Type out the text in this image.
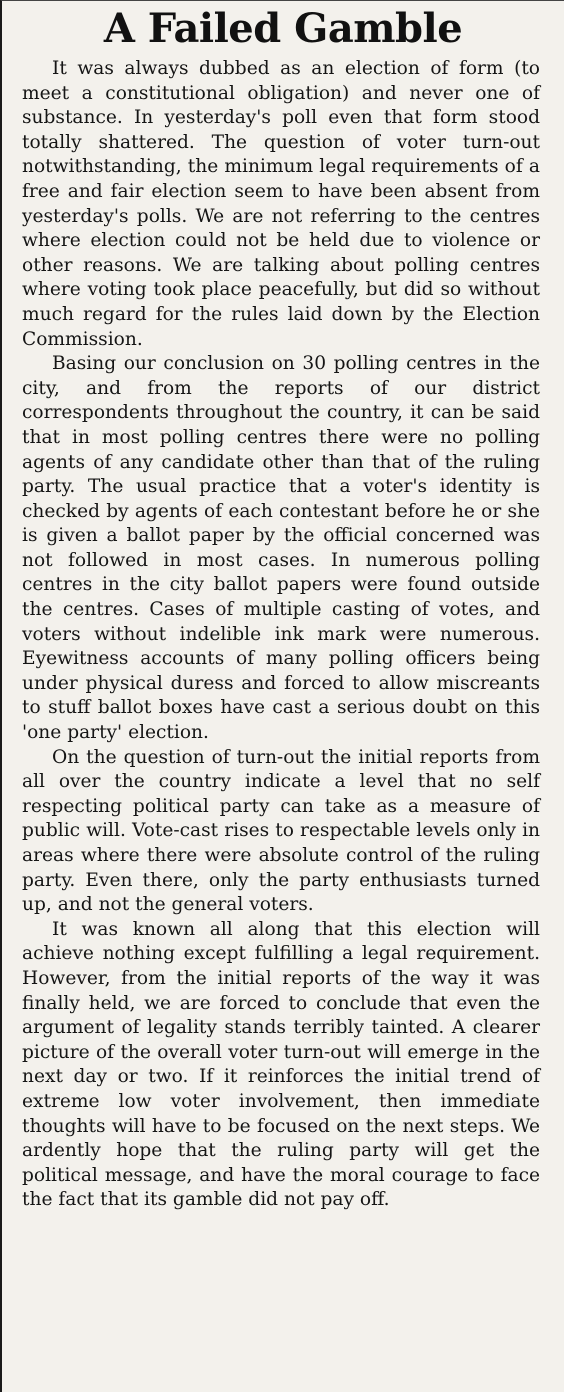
A Failed Gamble

It was always dubbed as an election of form (to meet a constitutional obligation) and never one of substance. In yesterday's poll even that form stood totally shattered. The question of voter turn-out notwithstanding, the minimum legal requirements of a free and fair election seem to have been absent from yesterday's polls. We are not referring to the centres where election could not be held due to violence or other reasons. We are talking about polling centres where voting took place peacefully, but did so without much regard for the rules laid down by the Election Commission.

Basing our conclusion on 30 polling centres in the city, and from the reports of our district correspondents throughout the country, it can be said that in most polling centres there were no polling agents of any candidate other than that of the ruling party. The usual practice that a voter's identity is checked by agents of each contestant before he or she is given a ballot paper by the official concerned was not followed in most cases. In numerous polling centres in the city ballot papers were found outside the centres. Cases of multiple casting of votes, and voters without indelible ink mark were numerous. Eyewitness accounts of many polling officers being under physical duress and forced to allow miscreants to stuff ballot boxes have cast a serious doubt on this 'one party' election.

On the question of turn-out the initial reports from all over the country indicate a level that no self respecting political party can take as a measure of public will. Vote-cast rises to respectable levels only in areas where there were absolute control of the ruling party. Even there, only the party enthusiasts turned up, and not the general voters.

It was known all along that this election will achieve nothing except fulfilling a legal requirement. However, from the initial reports of the way it was finally held, we are forced to conclude that even the argument of legality stands terribly tainted. A clearer picture of the overall voter turn-out will emerge in the next day or two. If it reinforces the initial trend of extreme low voter involvement, then immediate thoughts will have to be focused on the next steps. We ardently hope that the ruling party will get the political message, and have the moral courage to face the fact that its gamble did not pay off.
